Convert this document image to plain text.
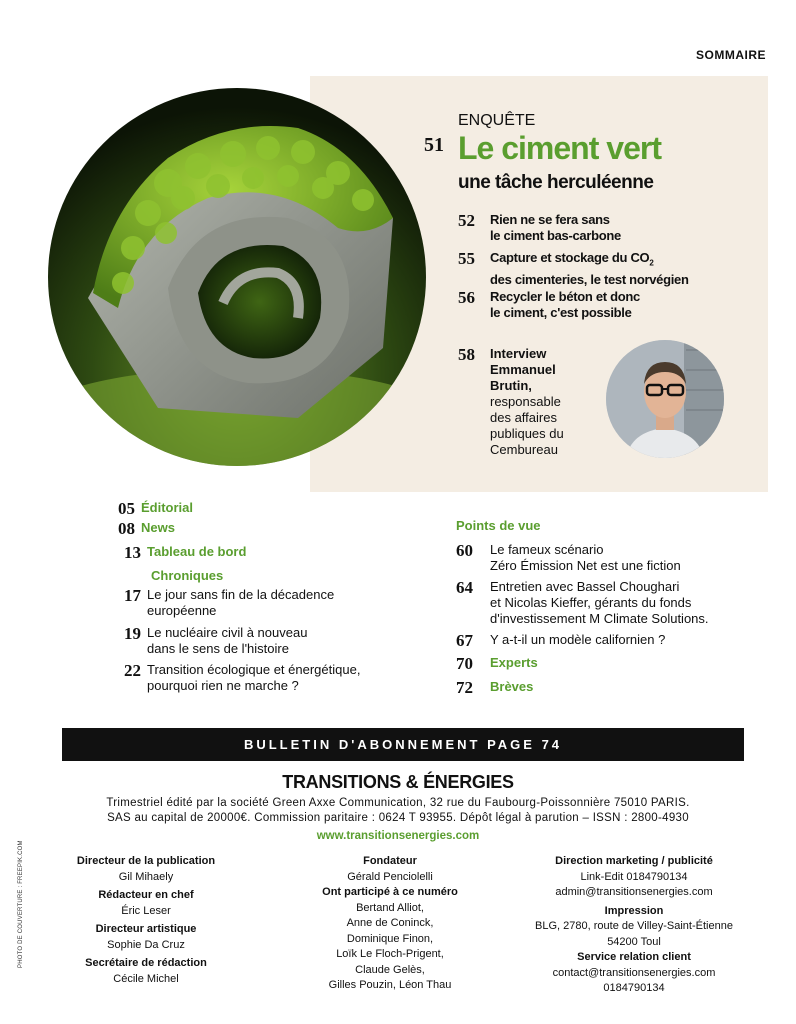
SOMMAIRE
PHOTO DE COUVERTURE : FREEPIK.COM
ENQUÊTE
51 Le ciment vert
une tâche herculéenne
52	Rien ne se fera sans
le ciment bas-carbone
55	Capture et stockage du $CO_2$
des cimenteries, le test norvégien
56	Recycler le béton et donc
le ciment, c'est possible
58	Interview
Emmanuel
Brutin,
responsable
des affaires
publiques du
Cembureau
05 Éditorial
08 News
13 Tableau de bord
Chroniques
17 Le jour sans fin de la décadence
européenne
19 Le nucléaire civil à nouveau
dans le sens de l'histoire
22 Transition écologique et énergétique,
pourquoi rien ne marche ?
Points de vue
60	Le fameux scénario
Zéro Émission Net est une fiction
64	Entretien avec Bassel Choughari
et Nicolas Kieffer, gérants du fonds
d'investissement M Climate Solutions.
67	Y a-t-il un modèle californien ?
70	Experts
72	Brèves
BULLETIN D'ABONNEMENT PAGE 74
TRANSITIONS & ÉNERGIES
Trimestriel édité par la société Green Axxe Communication, 32 rue du Faubourg-Poissonnière 75010 PARIS.
SAS au capital de 20000€. Commission paritaire : 0624 T 93955. Dépôt légal à parution – ISSN : 2800-4930
www.transitionsenergies.com
Directeur de la publication
Gil Mihaely
Rédacteur en chef
Éric Leser
Directeur artistique
Sophie Da Cruz
Secrétaire de rédaction
Cécile Michel
Fondateur
Gérald Penciolelli
Ont participé à ce numéro
Bertand Alliot,
Anne de Coninck,
Dominique Finon,
Loïk Le Floch-Prigent,
Claude Gelès,
Gilles Pouzin, Léon Thau
Direction marketing / publicité
Link-Edit 0184790134
admin@transitionsenergies.com
Impression
BLG, 2780, route de Villey-Saint-Étienne
54200 Toul
Service relation client
contact@transitionsenergies.com
0184790134
